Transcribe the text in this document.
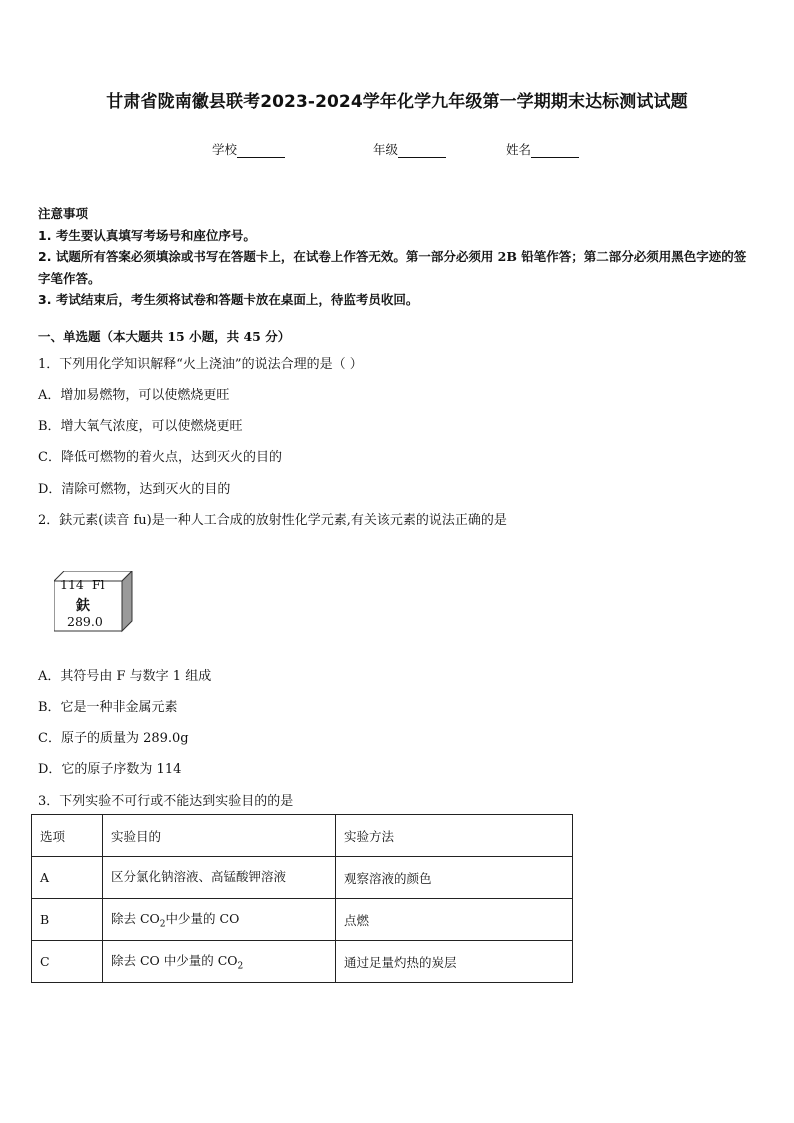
甘肃省陇南徽县联考2023-2024学年化学九年级第一学期期末达标测试试题
学校	年级	姓名
注意事项
1. 考生要认真填写考场号和座位序号。
2. 试题所有答案必须填涂或书写在答题卡上，在试卷上作答无效。第一部分必须用 2B 铅笔作答；第二部分必须用黑色字迹的签字笔作答。
3. 考试结束后，考生须将试卷和答题卡放在桌面上，待监考员收回。
一、单选题（本大题共 15 小题，共 45 分）
1．下列用化学知识解释“火上浇油”的说法合理的是（ ）
A．增加易燃物，可以使燃烧更旺
B．增大氧气浓度，可以使燃烧更旺
C．降低可燃物的着火点，达到灭火的目的
D．清除可燃物，达到灭火的目的
2．鈇元素(读音 fu)是一种人工合成的放射性化学元素,有关该元素的说法正确的是
114 Fl
鈇
289.0
A．其符号由 F 与数字 1 组成
B．它是一种非金属元素
C．原子的质量为 289.0g
D．它的原子序数为 114
3．下列实验不可行或不能达到实验目的的是
选项	实验目的	实验方法
A	区分氯化钠溶液、高锰酸钾溶液	观察溶液的颜色
B	除去 $CO_2$中少量的 CO	点燃
C	除去 CO 中少量的 $CO_2$	通过足量灼热的炭层
